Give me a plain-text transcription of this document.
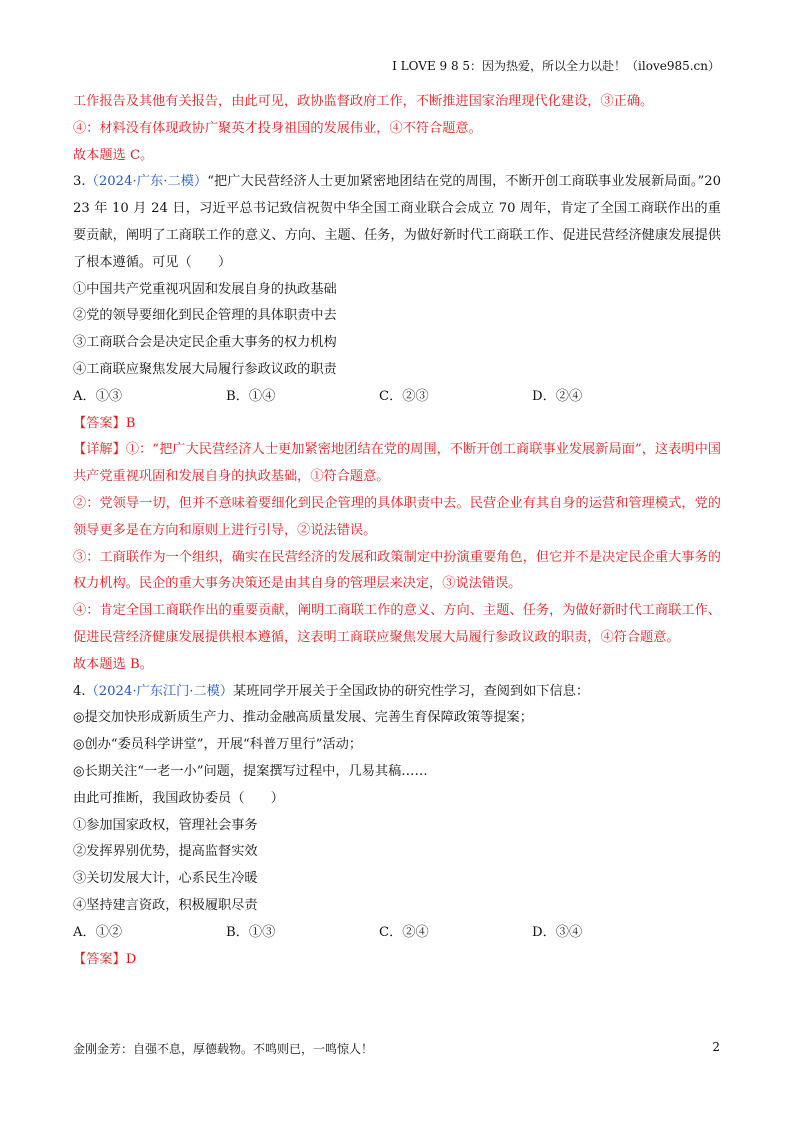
I LOVE 9 8 5：因为热爱，所以全力以赴！（ilove985.cn）
工作报告及其他有关报告，由此可见，政协监督政府工作，不断推进国家治理现代化建设，③正确。
④：材料没有体现政协广聚英才投身祖国的发展伟业，④不符合题意。
故本题选 C。
3.（2024·广东·二模）“把广大民营经济人士更加紧密地团结在党的周围，不断开创工商联事业发展新局面。”2023 年 10 月 24 日，习近平总书记致信祝贺中华全国工商业联合会成立 70 周年，肯定了全国工商联作出的重要贡献，阐明了工商联工作的意义、方向、主题、任务，为做好新时代工商联工作、促进民营经济健康发展提供了根本遵循。可见（　　）
①中国共产党重视巩固和发展自身的执政基础
②党的领导要细化到民企管理的具体职责中去
③工商联合会是决定民企重大事务的权力机构
④工商联应聚焦发展大局履行参政议政的职责
A．①③	B．①④	C．②③	D．②④
【答案】B
【详解】①：“把广大民营经济人士更加紧密地团结在党的周围，不断开创工商联事业发展新局面”，这表明中国共产党重视巩固和发展自身的执政基础，①符合题意。
②：党领导一切，但并不意味着要细化到民企管理的具体职责中去。民营企业有其自身的运营和管理模式，党的领导更多是在方向和原则上进行引导，②说法错误。
③：工商联作为一个组织，确实在民营经济的发展和政策制定中扮演重要角色，但它并不是决定民企重大事务的权力机构。民企的重大事务决策还是由其自身的管理层来决定，③说法错误。
④：肯定全国工商联作出的重要贡献，阐明工商联工作的意义、方向、主题、任务，为做好新时代工商联工作、促进民营经济健康发展提供根本遵循，这表明工商联应聚焦发展大局履行参政议政的职责，④符合题意。
故本题选 B。
4.（2024·广东江门·二模）某班同学开展关于全国政协的研究性学习，查阅到如下信息：
◎提交加快形成新质生产力、推动金融高质量发展、完善生育保障政策等提案；
◎创办“委员科学讲堂”，开展“科普万里行”活动；
◎长期关注“一老一小”问题，提案撰写过程中，几易其稿……
由此可推断，我国政协委员（　　）
①参加国家政权，管理社会事务
②发挥界别优势，提高监督实效
③关切发展大计，心系民生冷暖
④坚持建言资政，积极履职尽责
A．①②	B．①③	C．②④	D．③④
【答案】D
金刚金芳：自强不息，厚德载物。不鸣则已，一鸣惊人！	2
